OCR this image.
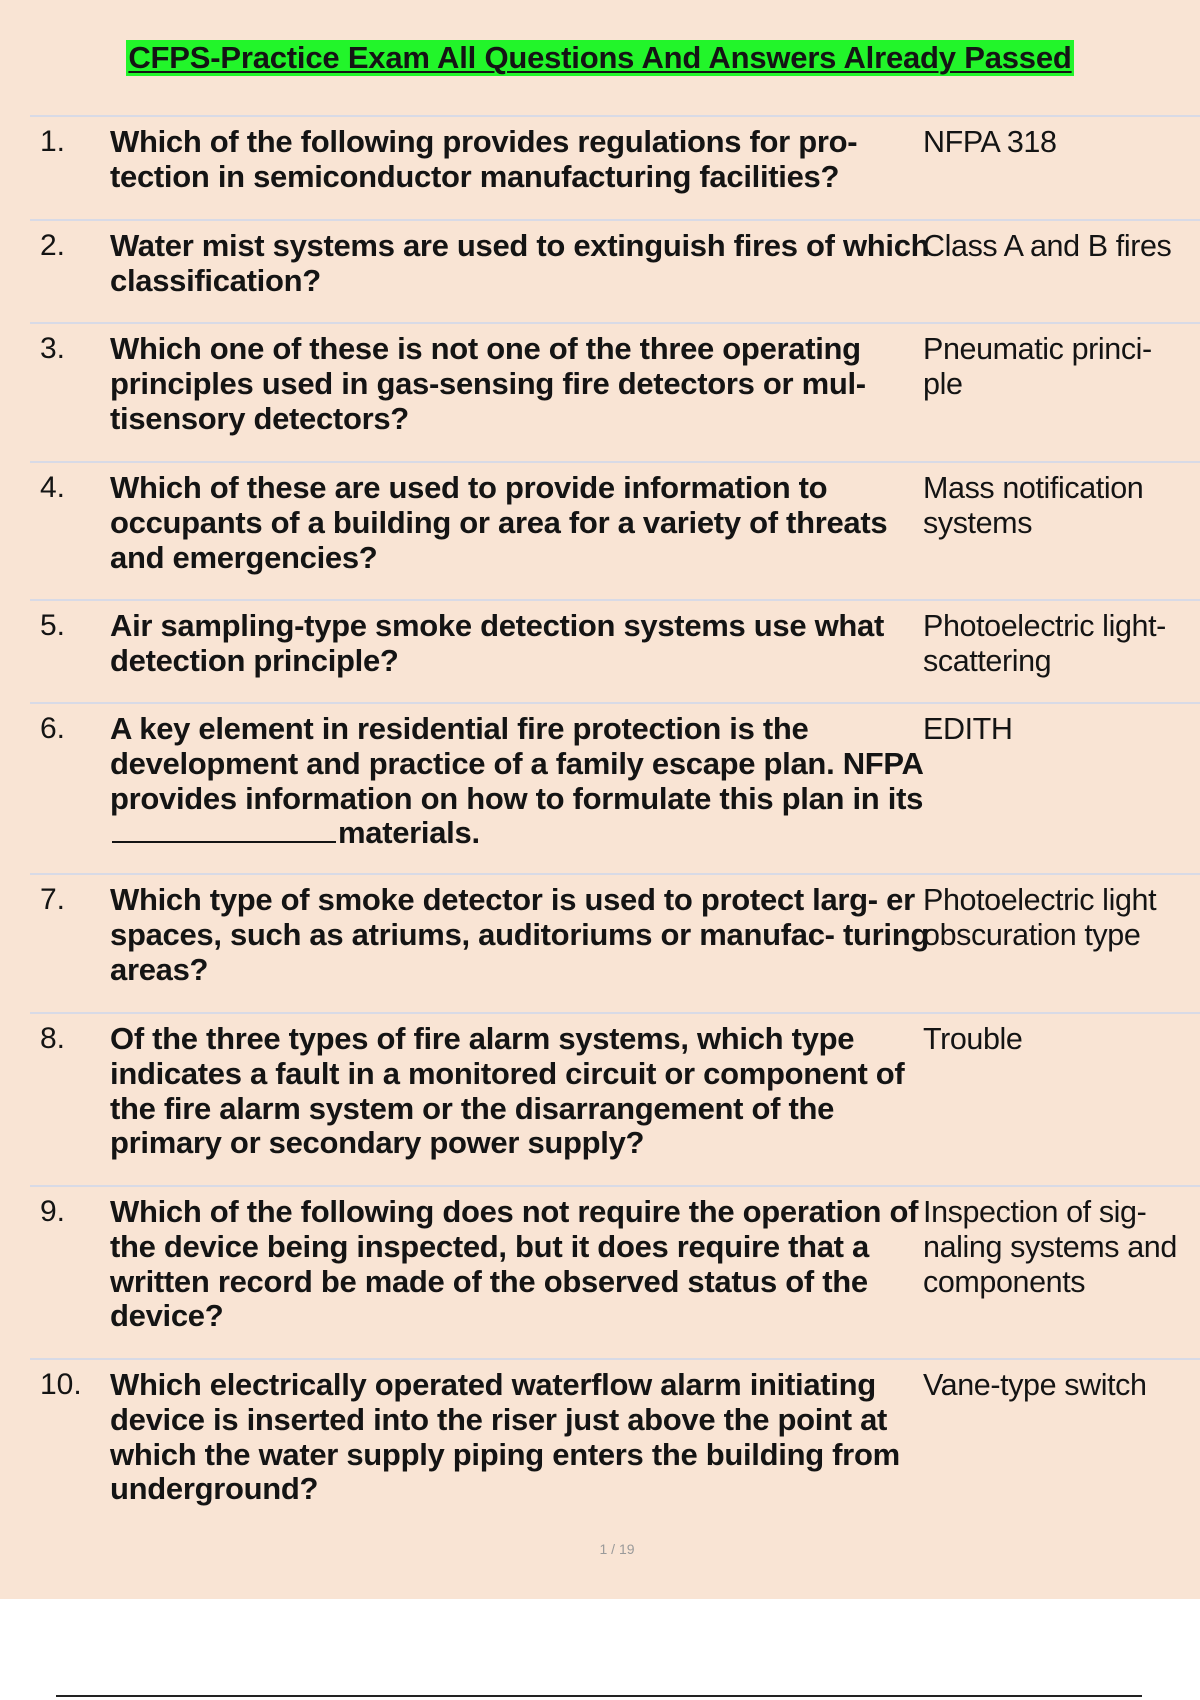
CFPS-Practice Exam All Questions And Answers Already Passed
1. Which of the following provides regulations for pro- tection in semiconductor manufacturing facilities?
NFPA 318
2. Water mist systems are used to extinguish fires of which classification?
Class A and B fires
3. Which one of these is not one of the three operating principles used in gas-sensing fire detectors or mul- tisensory detectors?
Pneumatic princi- ple
4. Which of these are used to provide information to occupants of a building or area for a variety of threats and emergencies?
Mass notification systems
5. Air sampling-type smoke detection systems use what detection principle?
Photoelectric light-scattering
6. A key element in residential fire protection is the development and practice of a family escape plan. NFPA provides information on how to formulate this plan in itsmaterials.
EDITH
7. Which type of smoke detector is used to protect larg- er spaces, such as atriums, auditoriums or manufac- turing areas?
Photoelectric light obscuration type
8. Of the three types of fire alarm systems, which type indicates a fault in a monitored circuit or component of the fire alarm system or the disarrangement of the primary or secondary power supply?
Trouble
9. Which of the following does not require the operation of the device being inspected, but it does require that a written record be made of the observed status of the device?
Inspection of sig- naling systems and components
10. Which electrically operated waterflow alarm initiating device is inserted into the riser just above the point at which the water supply piping enters the building from underground?
Vane-type switch
1 / 19
